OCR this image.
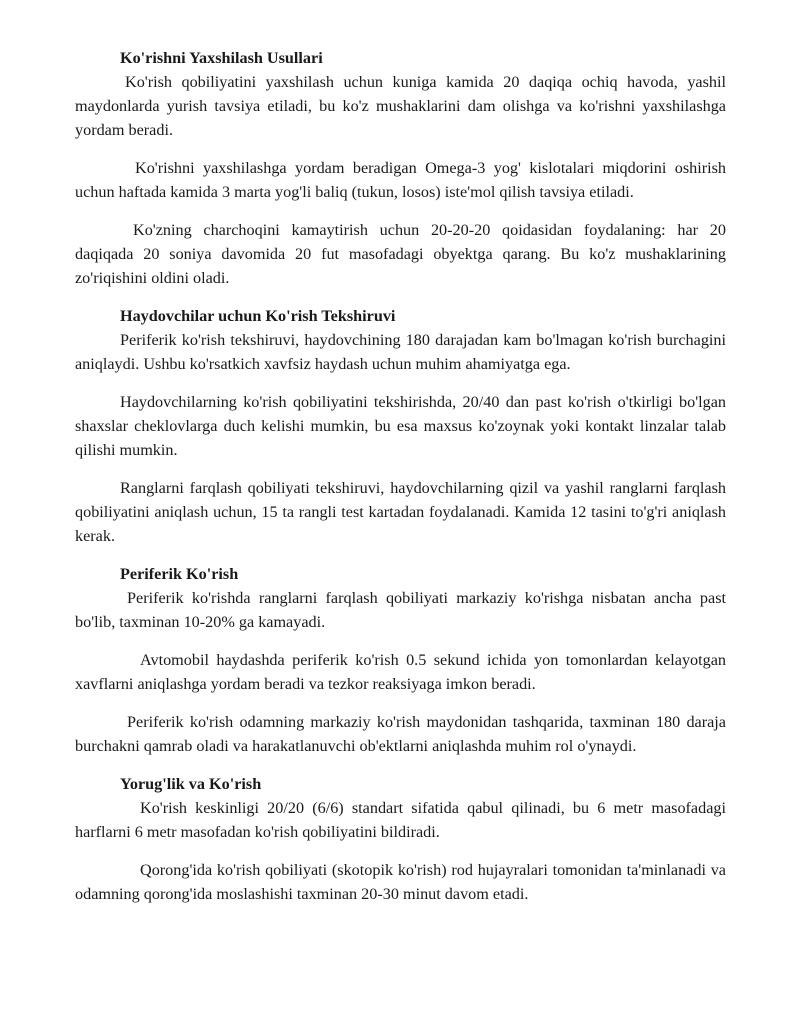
Ko'rishni Yaxshilash Usullari

Ko'rish qobiliyatini yaxshilash uchun kuniga kamida 20 daqiqa ochiq havoda, yashil maydonlarda yurish tavsiya etiladi, bu ko'z mushaklarini dam olishga va ko'rishni yaxshilashga yordam beradi.

Ko'rishni yaxshilashga yordam beradigan Omega-3 yog' kislotalari miqdorini oshirish uchun haftada kamida 3 marta yog'li baliq (tukun, losos) iste'mol qilish tavsiya etiladi.

Ko'zning charchoqini kamaytirish uchun 20-20-20 qoidasidan foydalaning: har 20 daqiqada 20 soniya davomida 20 fut masofadagi obyektga qarang. Bu ko'z mushaklarining zo'riqishini oldini oladi.

Haydovchilar uchun Ko'rish Tekshiruvi

Periferik ko'rish tekshiruvi, haydovchining 180 darajadan kam bo'lmagan ko'rish burchagini aniqlaydi. Ushbu ko'rsatkich xavfsiz haydash uchun muhim ahamiyatga ega.

Haydovchilarning ko'rish qobiliyatini tekshirishda, 20/40 dan past ko'rish o'tkirligi bo'lgan shaxslar cheklovlarga duch kelishi mumkin, bu esa maxsus ko'zoynak yoki kontakt linzalar talab qilishi mumkin.

Ranglarni farqlash qobiliyati tekshiruvi, haydovchilarning qizil va yashil ranglarni farqlash qobiliyatini aniqlash uchun, 15 ta rangli test kartadan foydalanadi. Kamida 12 tasini to'g'ri aniqlash kerak.

Periferik Ko'rish

Periferik ko'rishda ranglarni farqlash qobiliyati markaziy ko'rishga nisbatan ancha past bo'lib, taxminan 10-20% ga kamayadi.

Avtomobil haydashda periferik ko'rish 0.5 sekund ichida yon tomonlardan kelayotgan xavflarni aniqlashga yordam beradi va tezkor reaksiyaga imkon beradi.

Periferik ko'rish odamning markaziy ko'rish maydonidan tashqarida, taxminan 180 daraja burchakni qamrab oladi va harakatlanuvchi ob'ektlarni aniqlashda muhim rol o'ynaydi.

Yorug'lik va Ko'rish

Ko'rish keskinligi 20/20 (6/6) standart sifatida qabul qilinadi, bu 6 metr masofadagi harflarni 6 metr masofadan ko'rish qobiliyatini bildiradi.

Qorong'ida ko'rish qobiliyati (skotopik ko'rish) rod hujayralari tomonidan ta'minlanadi va odamning qorong'ida moslashishi taxminan 20-30 minut davom etadi.
